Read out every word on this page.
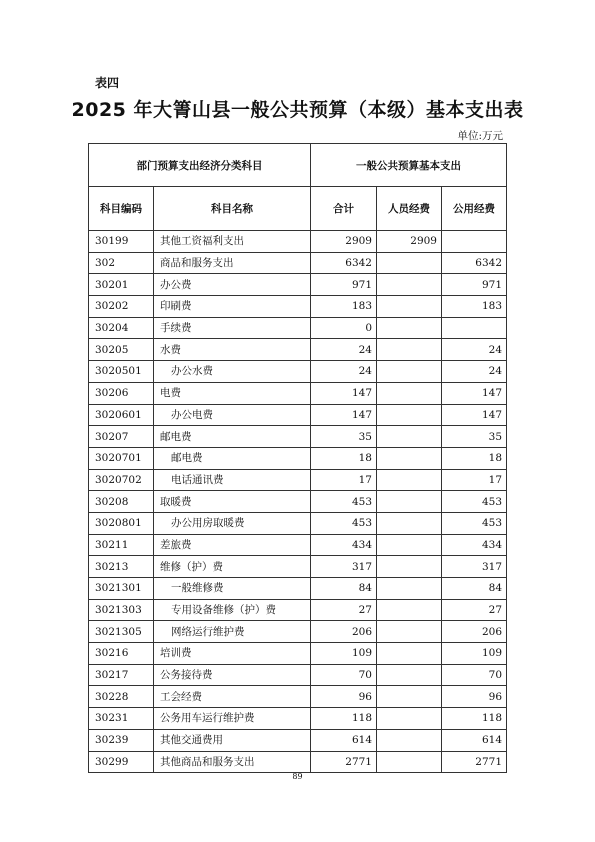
表四
2025 年大箐山县一般公共预算（本级）基本支出表
单位:万元
部门预算支出经济分类科目		一般公共预算基本支出		
科目编码	科目名称	合计	人员经费	公用经费
30199	其他工资福利支出	2909	2909	
302	商品和服务支出	6342		6342
30201	办公费	971		971
30202	印刷费	183		183
30204	手续费	0		
30205	水费	24		24
3020501	办公水费	24		24
30206	电费	147		147
3020601	办公电费	147		147
30207	邮电费	35		35
3020701	邮电费	18		18
3020702	电话通讯费	17		17
30208	取暖费	453		453
3020801	办公用房取暖费	453		453
30211	差旅费	434		434
30213	维修（护）费	317		317
3021301	一般维修费	84		84
3021303	专用设备维修（护）费	27		27
3021305	网络运行维护费	206		206
30216	培训费	109		109
30217	公务接待费	70		70
30228	工会经费	96		96
30231	公务用车运行维护费	118		118
30239	其他交通费用	614		614
30299	其他商品和服务支出	2771		2771
89
